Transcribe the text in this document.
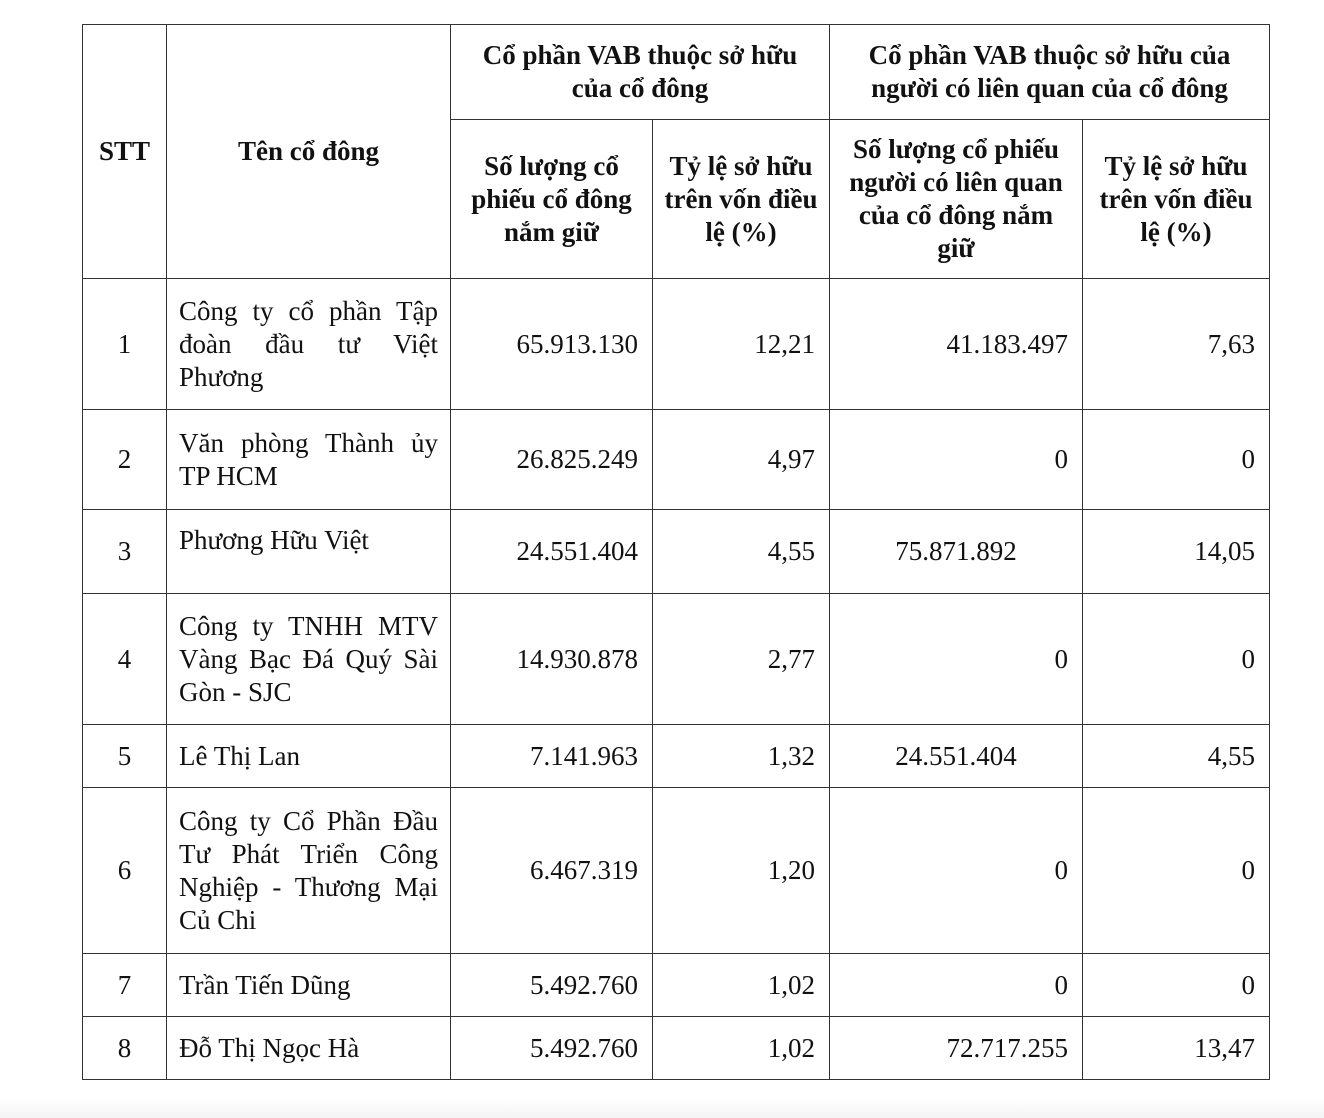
STT	Tên cổ đông	Cổ phần VAB thuộc sở hữu của cổ đông		Cổ phần VAB thuộc sở hữu của người có liên quan của cổ đông	

		Số lượng cổ phiếu cổ đông nắm giữ	Tỷ lệ sở hữu trên vốn điều lệ (%)	Số lượng cổ phiếu người có liên quan của cổ đông nắm giữ	Tỷ lệ sở hữu trên vốn điều lệ (%)

1	Công ty cổ phần Tập đoàn đầu tư Việt Phương	65.913.130	12,21	41.183.497	7,63
2	Văn phòng Thành ủy TP HCM	26.825.249	4,97	0	0
3	Phương Hữu Việt	24.551.404	4,55	75.871.892	14,05
4	Công ty TNHH MTV Vàng Bạc Đá Quý Sài Gòn - SJC	14.930.878	2,77	0	0
5	Lê Thị Lan	7.141.963	1,32	24.551.404	4,55
6	Công ty Cổ Phần Đầu Tư Phát Triển Công Nghiệp - Thương Mại Củ Chi	6.467.319	1,20	0	0
7	Trần Tiến Dũng	5.492.760	1,02	0	0
8	Đỗ Thị Ngọc Hà	5.492.760	1,02	72.717.255	13,47
